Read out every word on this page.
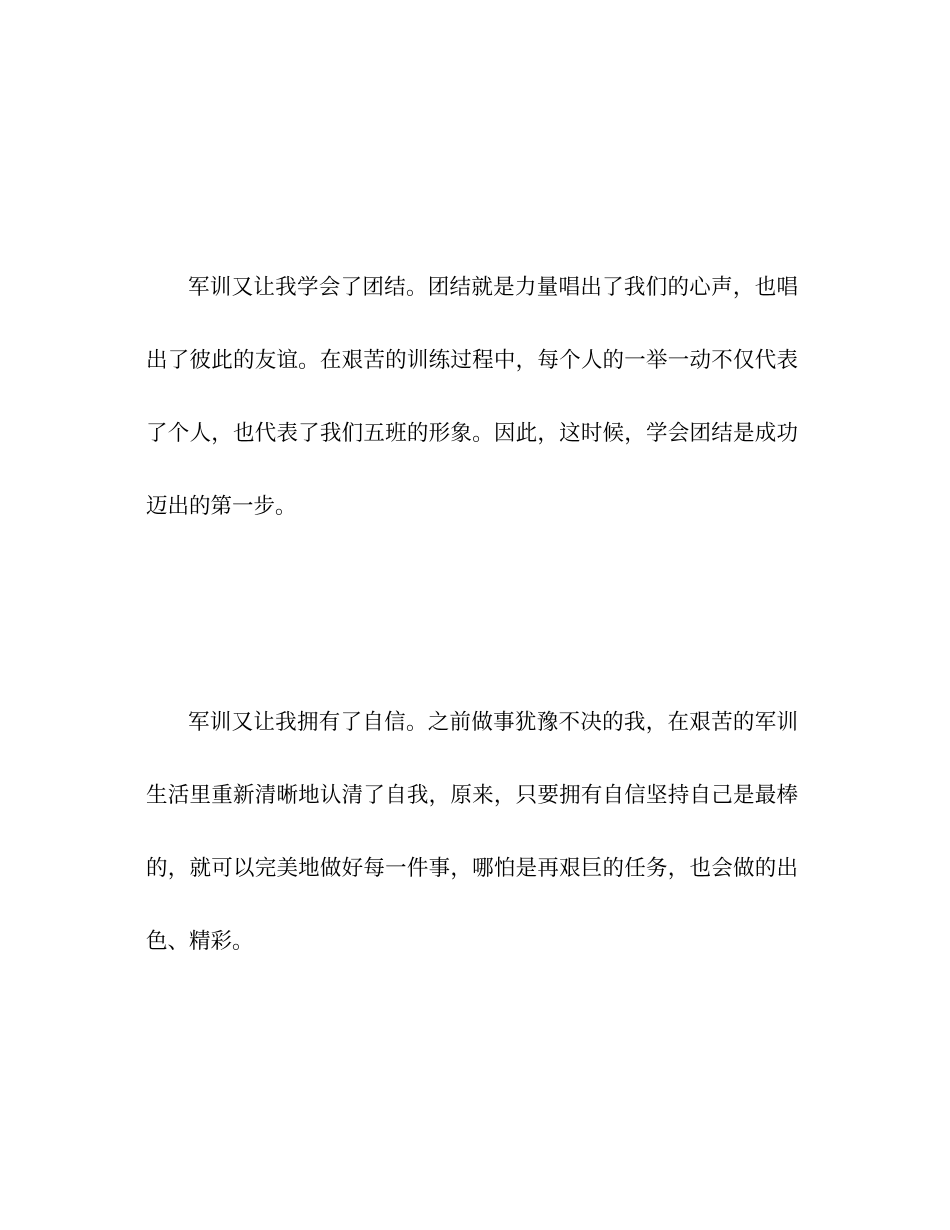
军训又让我学会了团结。团结就是力量唱出了我们的心声，也唱
出了彼此的友谊。在艰苦的训练过程中，每个人的一举一动不仅代表
了个人，也代表了我们五班的形象。因此，这时候，学会团结是成功
迈出的第一步。
军训又让我拥有了自信。之前做事犹豫不决的我，在艰苦的军训
生活里重新清晰地认清了自我，原来，只要拥有自信坚持自己是最棒
的，就可以完美地做好每一件事，哪怕是再艰巨的任务，也会做的出
色、精彩。
